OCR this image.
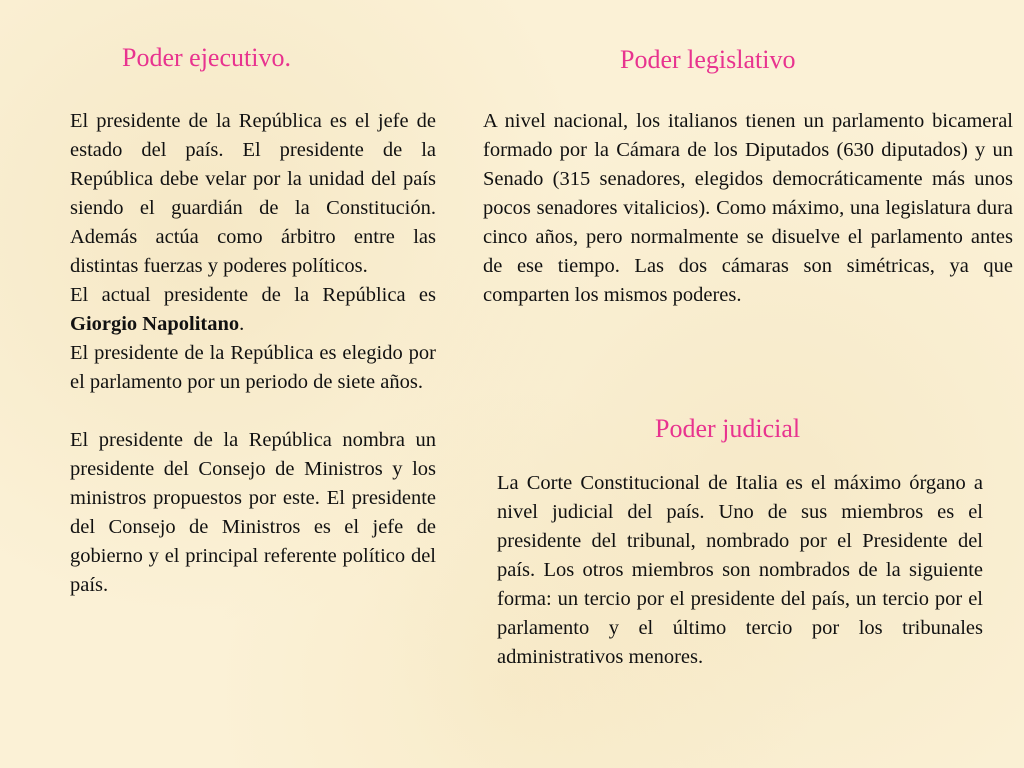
Poder ejecutivo.

El presidente de la República es el jefe de estado del país. El presidente de la República debe velar por la unidad del país siendo el guardián de la Constitución. Además actúa como árbitro entre las distintas fuerzas y poderes políticos.

El actual presidente de la República es Giorgio Napolitano.

El presidente de la República es elegido por el parlamento por un periodo de siete años.

El presidente de la República nombra un presidente del Consejo de Ministros y los ministros propuestos por este. El presidente del Consejo de Ministros es el jefe de gobierno y el principal referente político del país.

Poder legislativo

A nivel nacional, los italianos tienen un parlamento bicameral formado por la Cámara de los Diputados (630 diputados) y un Senado (315 senadores, elegidos democráticamente más unos pocos senadores vitalicios). Como máximo, una legislatura dura cinco años, pero normalmente se disuelve el parlamento antes de ese tiempo. Las dos cámaras son simétricas, ya que comparten los mismos poderes.

Poder judicial

La Corte Constitucional de Italia es el máximo órgano a nivel judicial del país. Uno de sus miembros es el presidente del tribunal, nombrado por el Presidente del país. Los otros miembros son nombrados de la siguiente forma: un tercio por el presidente del país, un tercio por el parlamento y el último tercio por los tribunales administrativos menores.
